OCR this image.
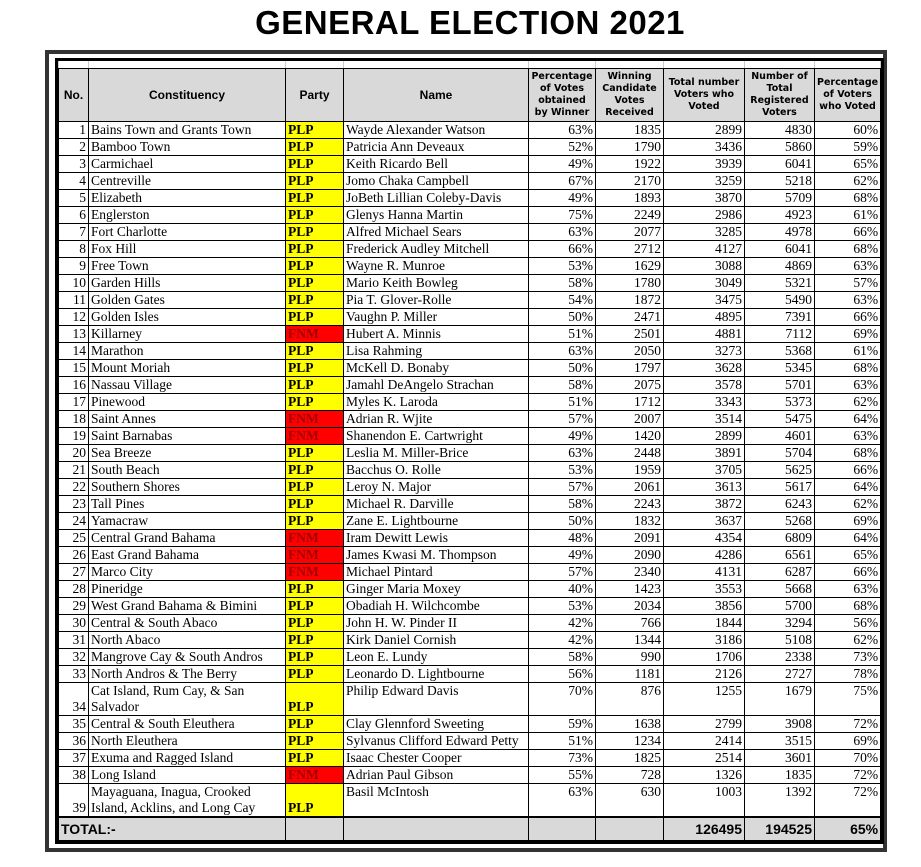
GENERAL ELECTION 2021

No.	Constituency	Party	Name	Percentage of Votes obtained by Winner	Winning Candidate Votes Received	Total number Voters who Voted	Number of Total Registered Voters	Percentage of Voters who Voted
1	Bains Town and Grants Town	PLP	Wayde Alexander Watson	63%	1835	2899	4830	60%
2	Bamboo Town	PLP	Patricia Ann Deveaux	52%	1790	3436	5860	59%
3	Carmichael	PLP	Keith Ricardo Bell	49%	1922	3939	6041	65%
4	Centreville	PLP	Jomo Chaka Campbell	67%	2170	3259	5218	62%
5	Elizabeth	PLP	JoBeth Lillian Coleby-Davis	49%	1893	3870	5709	68%
6	Englerston	PLP	Glenys Hanna Martin	75%	2249	2986	4923	61%
7	Fort Charlotte	PLP	Alfred Michael Sears	63%	2077	3285	4978	66%
8	Fox Hill	PLP	Frederick Audley Mitchell	66%	2712	4127	6041	68%
9	Free Town	PLP	Wayne R. Munroe	53%	1629	3088	4869	63%
10	Garden Hills	PLP	Mario Keith Bowleg	58%	1780	3049	5321	57%
11	Golden Gates	PLP	Pia T. Glover-Rolle	54%	1872	3475	5490	63%
12	Golden Isles	PLP	Vaughn P. Miller	50%	2471	4895	7391	66%
13	Killarney	FNM	Hubert A. Minnis	51%	2501	4881	7112	69%
14	Marathon	PLP	Lisa Rahming	63%	2050	3273	5368	61%
15	Mount Moriah	PLP	McKell D. Bonaby	50%	1797	3628	5345	68%
16	Nassau Village	PLP	Jamahl DeAngelo Strachan	58%	2075	3578	5701	63%
17	Pinewood	PLP	Myles K. Laroda	51%	1712	3343	5373	62%
18	Saint Annes	FNM	Adrian R. Wjite	57%	2007	3514	5475	64%
19	Saint Barnabas	FNM	Shanendon E. Cartwright	49%	1420	2899	4601	63%
20	Sea Breeze	PLP	Leslia M. Miller-Brice	63%	2448	3891	5704	68%
21	South Beach	PLP	Bacchus O. Rolle	53%	1959	3705	5625	66%
22	Southern Shores	PLP	Leroy N. Major	57%	2061	3613	5617	64%
23	Tall Pines	PLP	Michael R. Darville	58%	2243	3872	6243	62%
24	Yamacraw	PLP	Zane E. Lightbourne	50%	1832	3637	5268	69%
25	Central Grand Bahama	FNM	Iram Dewitt Lewis	48%	2091	4354	6809	64%
26	East Grand Bahama	FNM	James Kwasi M. Thompson	49%	2090	4286	6561	65%
27	Marco City	FNM	Michael Pintard	57%	2340	4131	6287	66%
28	Pineridge	PLP	Ginger Maria Moxey	40%	1423	3553	5668	63%
29	West Grand Bahama & Bimini	PLP	Obadiah H. Wilchcombe	53%	2034	3856	5700	68%
30	Central & South Abaco	PLP	John H. W. Pinder II	42%	766	1844	3294	56%
31	North Abaco	PLP	Kirk Daniel Cornish	42%	1344	3186	5108	62%
32	Mangrove Cay & South Andros	PLP	Leon E. Lundy	58%	990	1706	2338	73%
33	North Andros & The Berry	PLP	Leonardo D. Lightbourne	56%	1181	2126	2727	78%
34	Cat Island, Rum Cay, & San Salvador	PLP	Philip Edward Davis	70%	876	1255	1679	75%
35	Central & South Eleuthera	PLP	Clay Glennford Sweeting	59%	1638	2799	3908	72%
36	North Eleuthera	PLP	Sylvanus Clifford Edward Petty	51%	1234	2414	3515	69%
37	Exuma and Ragged Island	PLP	Isaac Chester Cooper	73%	1825	2514	3601	70%
38	Long Island	FNM	Adrian Paul Gibson	55%	728	1326	1835	72%
39	Mayaguana, Inagua, Crooked Island, Acklins, and Long Cay	PLP	Basil McIntosh	63%	630	1003	1392	72%
TOTAL:-						126495	194525	65%
